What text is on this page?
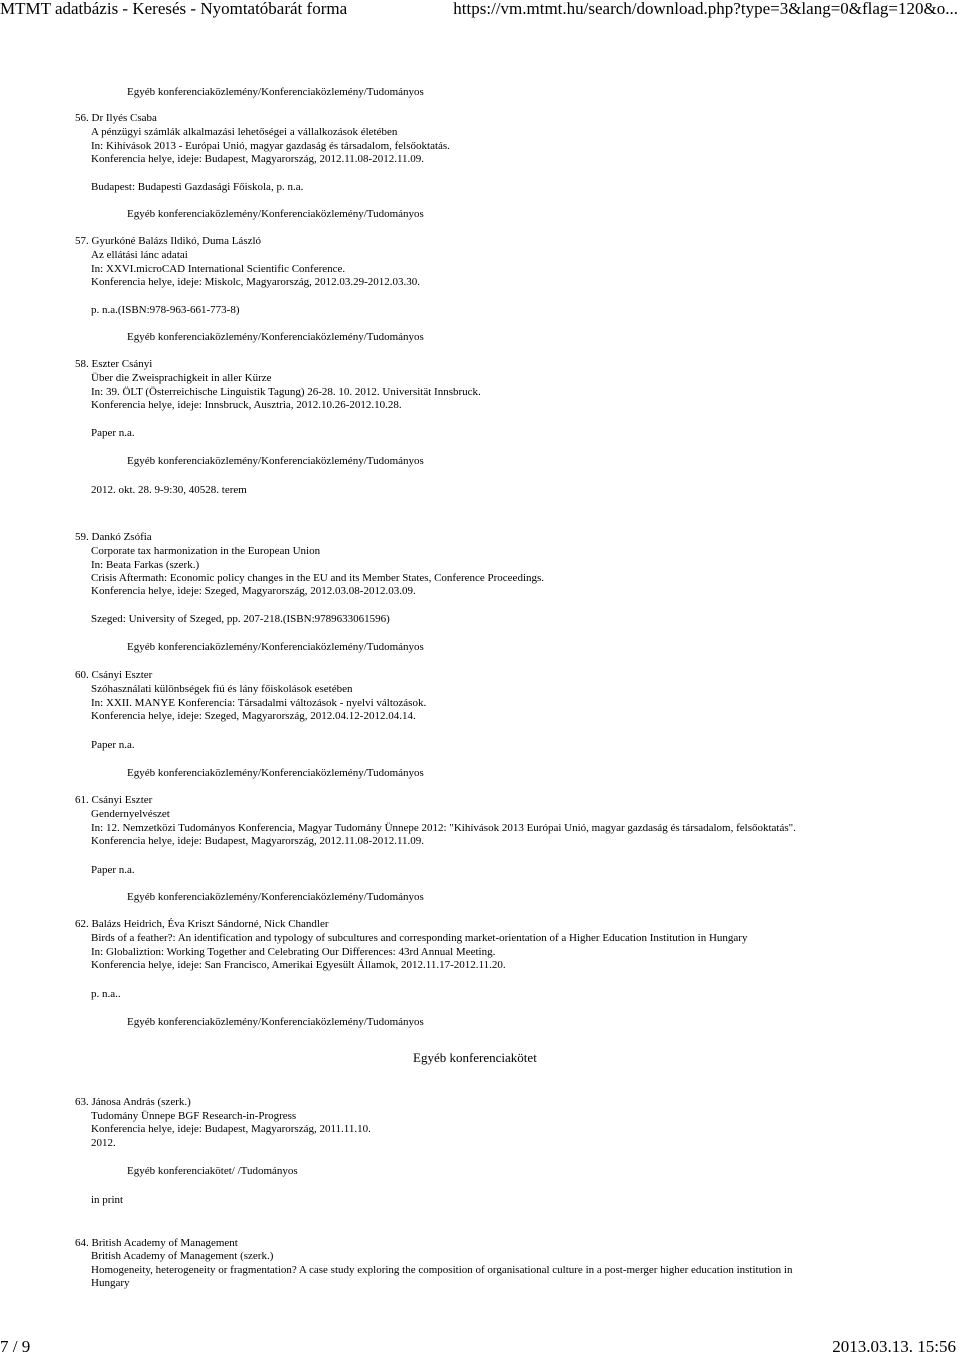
MTMT adatbázis - Keresés - Nyomtatóbarát forma	https://vm.mtmt.hu/search/download.php?type=3&lang=0&flag=120&o...
Egyéb konferenciaközlemény/Konferenciaközlemény/Tudományos
56. Dr Ilyés Csaba
A pénzügyi számlák alkalmazási lehetőségei a vállalkozások életében
In: Kihívások 2013 - Európai Unió, magyar gazdaság és társadalom, felsőoktatás.
Konferencia helye, ideje: Budapest, Magyarország, 2012.11.08-2012.11.09.
Budapest: Budapesti Gazdasági Főiskola, p. n.a.
Egyéb konferenciaközlemény/Konferenciaközlemény/Tudományos
57. Gyurkóné Balázs Ildikó, Duma László
Az ellátási lánc adatai
In: XXVI.microCAD International Scientific Conference.
Konferencia helye, ideje: Miskolc, Magyarország, 2012.03.29-2012.03.30.
p. n.a.(ISBN:978-963-661-773-8)
Egyéb konferenciaközlemény/Konferenciaközlemény/Tudományos
58. Eszter Csányi
Über die Zweisprachigkeit in aller Kürze
In: 39. ÖLT (Österreichische Linguistik Tagung) 26-28. 10. 2012. Universität Innsbruck.
Konferencia helye, ideje: Innsbruck, Ausztria, 2012.10.26-2012.10.28.
Paper n.a.
Egyéb konferenciaközlemény/Konferenciaközlemény/Tudományos
2012. okt. 28. 9-9:30, 40528. terem
59. Dankó Zsófia
Corporate tax harmonization in the European Union
In: Beata Farkas (szerk.)
Crisis Aftermath: Economic policy changes in the EU and its Member States, Conference Proceedings.
Konferencia helye, ideje: Szeged, Magyarország, 2012.03.08-2012.03.09.
Szeged: University of Szeged, pp. 207-218.(ISBN:9789633061596)
Egyéb konferenciaközlemény/Konferenciaközlemény/Tudományos
60. Csányi Eszter
Szóhasználati különbségek fiú és lány főiskolások esetében
In: XXII. MANYE Konferencia: Társadalmi változások - nyelvi változások.
Konferencia helye, ideje: Szeged, Magyarország, 2012.04.12-2012.04.14.
Paper n.a.
Egyéb konferenciaközlemény/Konferenciaközlemény/Tudományos
61. Csányi Eszter
Gendernyelvészet
In: 12. Nemzetközi Tudományos Konferencia, Magyar Tudomány Ünnepe 2012: "Kihívások 2013 Európai Unió, magyar gazdaság és társadalom, felsőoktatás".
Konferencia helye, ideje: Budapest, Magyarország, 2012.11.08-2012.11.09.
Paper n.a.
Egyéb konferenciaközlemény/Konferenciaközlemény/Tudományos
62. Balázs Heidrich, Éva Kriszt Sándorné, Nick Chandler
Birds of a feather?: An identification and typology of subcultures and corresponding market-orientation of a Higher Education Institution in Hungary
In: Globaliztion: Working Together and Celebrating Our Differences: 43rd Annual Meeting.
Konferencia helye, ideje: San Francisco, Amerikai Egyesült Államok, 2012.11.17-2012.11.20.
p. n.a..
Egyéb konferenciaközlemény/Konferenciaközlemény/Tudományos
Egyéb konferenciakötet
63. Jánosa András (szerk.)
Tudomány Ünnepe BGF Research-in-Progress
Konferencia helye, ideje: Budapest, Magyarország, 2011.11.10.
2012.
Egyéb konferenciakötet/ /Tudományos
in print
64. British Academy of Management
British Academy of Management (szerk.)
Homogeneity, heterogeneity or fragmentation? A case study exploring the composition of organisational culture in a post-merger higher education institution in
Hungary
7 / 9	2013.03.13. 15:56
